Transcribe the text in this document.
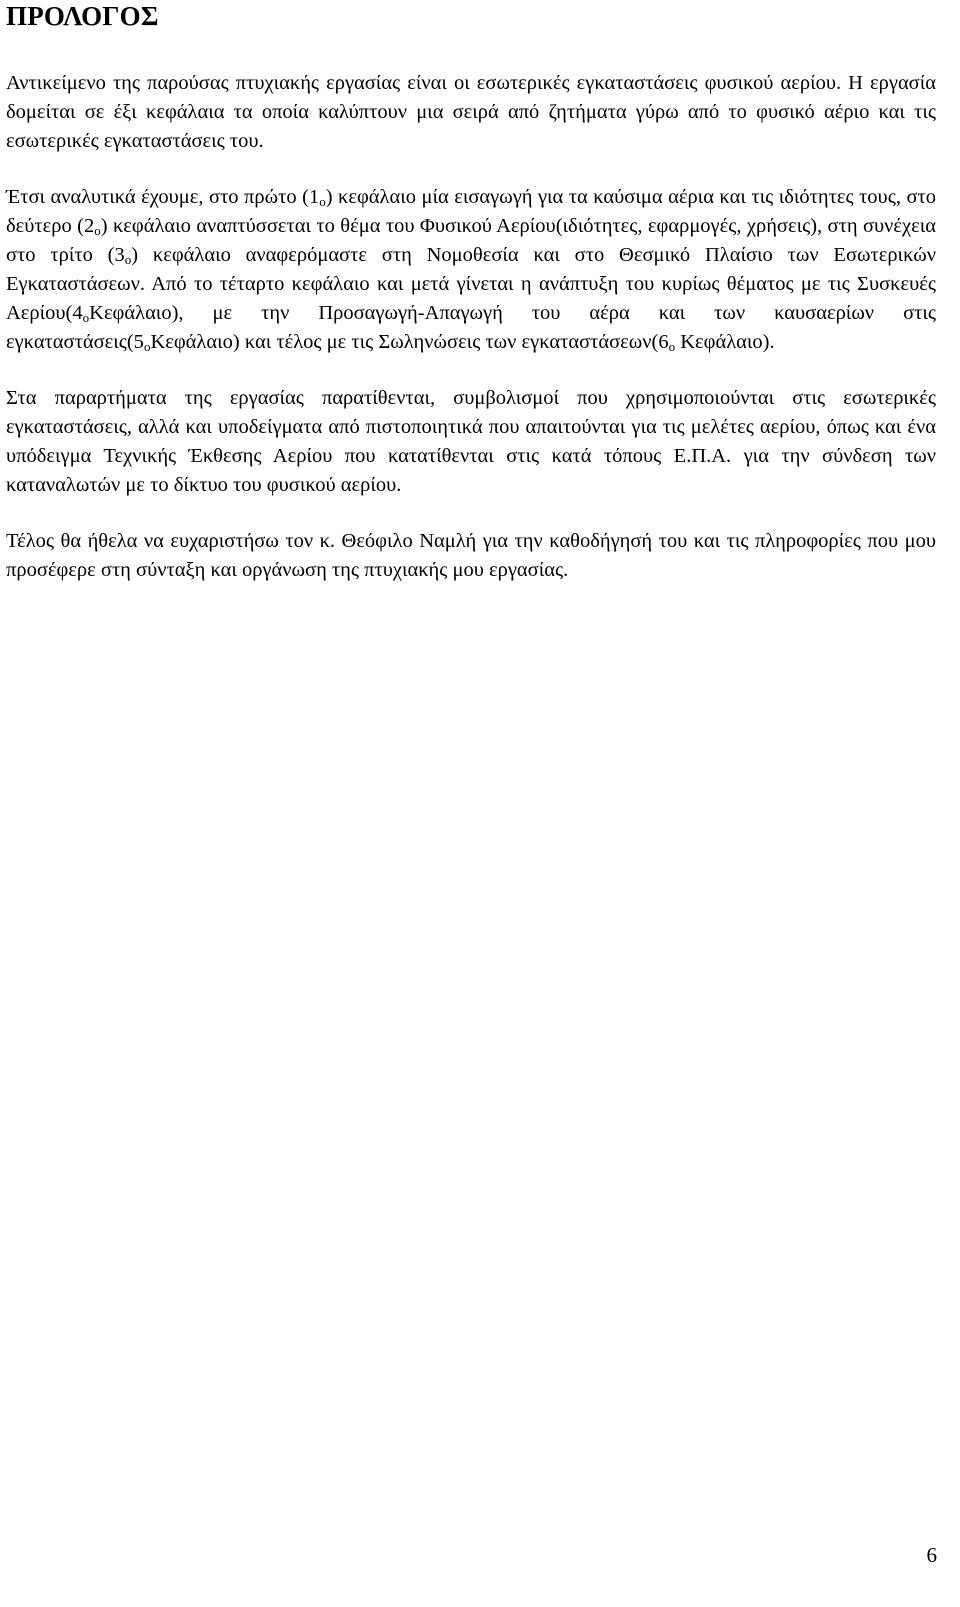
ΠΡΟΛΟΓΟΣ

Αντικείμενο της παρούσας πτυχιακής εργασίας είναι οι εσωτερικές εγκαταστάσεις φυσικού αερίου. Η εργασία δομείται σε έξι κεφάλαια τα οποία καλύπτουν μια σειρά από ζητήματα γύρω από το φυσικό αέριο και τις εσωτερικές εγκαταστάσεις του.

Έτσι αναλυτικά έχουμε, στο πρώτο $(1_o)$ κεφάλαιο μία εισαγωγή για τα καύσιμα αέρια και τις ιδιότητες τους, στο δεύτερο $(2_o)$ κεφάλαιο αναπτύσσεται το θέμα του Φυσικού Αερίου(ιδιότητες, εφαρμογές, χρήσεις), στη συνέχεια στο τρίτο $(3_o)$ κεφάλαιο αναφερόμαστε στη Νομοθεσία και στο Θεσμικό Πλαίσιο των Εσωτερικών Εγκαταστάσεων. Από το τέταρτο κεφάλαιο και μετά γίνεται η ανάπτυξη του κυρίως θέματος με τις Συσκευές $A\varepsilon\rho ίo\upsilon(4_oK\varepsilon\varphi ά\lambda\alpha\iota o)$, με την Προσαγωγή-Απαγωγή του αέρα και των καυσαερίων στις $\varepsilon\gamma\kappa\alpha\tau\alpha\sigma\tau ά\sigma\varepsilon\iota\varsigma(5_oK\varepsilon\varphi ά\lambda\alpha\iota o)$ και τέλος με τις Σωληνώσεις των $\varepsilon\gamma\kappa\alpha\tau\alpha\sigma\tau ά\sigma\varepsilon\omega\nu(6_o$ Κεφάλαιο).

Στα παραρτήματα της εργασίας παρατίθενται, συμβολισμοί που χρησιμοποιούνται στις εσωτερικές εγκαταστάσεις, αλλά και υποδείγματα από πιστοποιητικά που απαιτούνται για τις μελέτες αερίου, όπως και ένα υπόδειγμα Τεχνικής Έκθεσης Αερίου που κατατίθενται στις κατά τόπους Ε.Π.Α. για την σύνδεση των καταναλωτών με το δίκτυο του φυσικού αερίου.

Τέλος θα ήθελα να ευχαριστήσω τον κ. Θεόφιλο Ναμλή για την καθοδήγησή του και τις πληροφορίες που μου προσέφερε στη σύνταξη και οργάνωση της πτυχιακής μου εργασίας.

6
